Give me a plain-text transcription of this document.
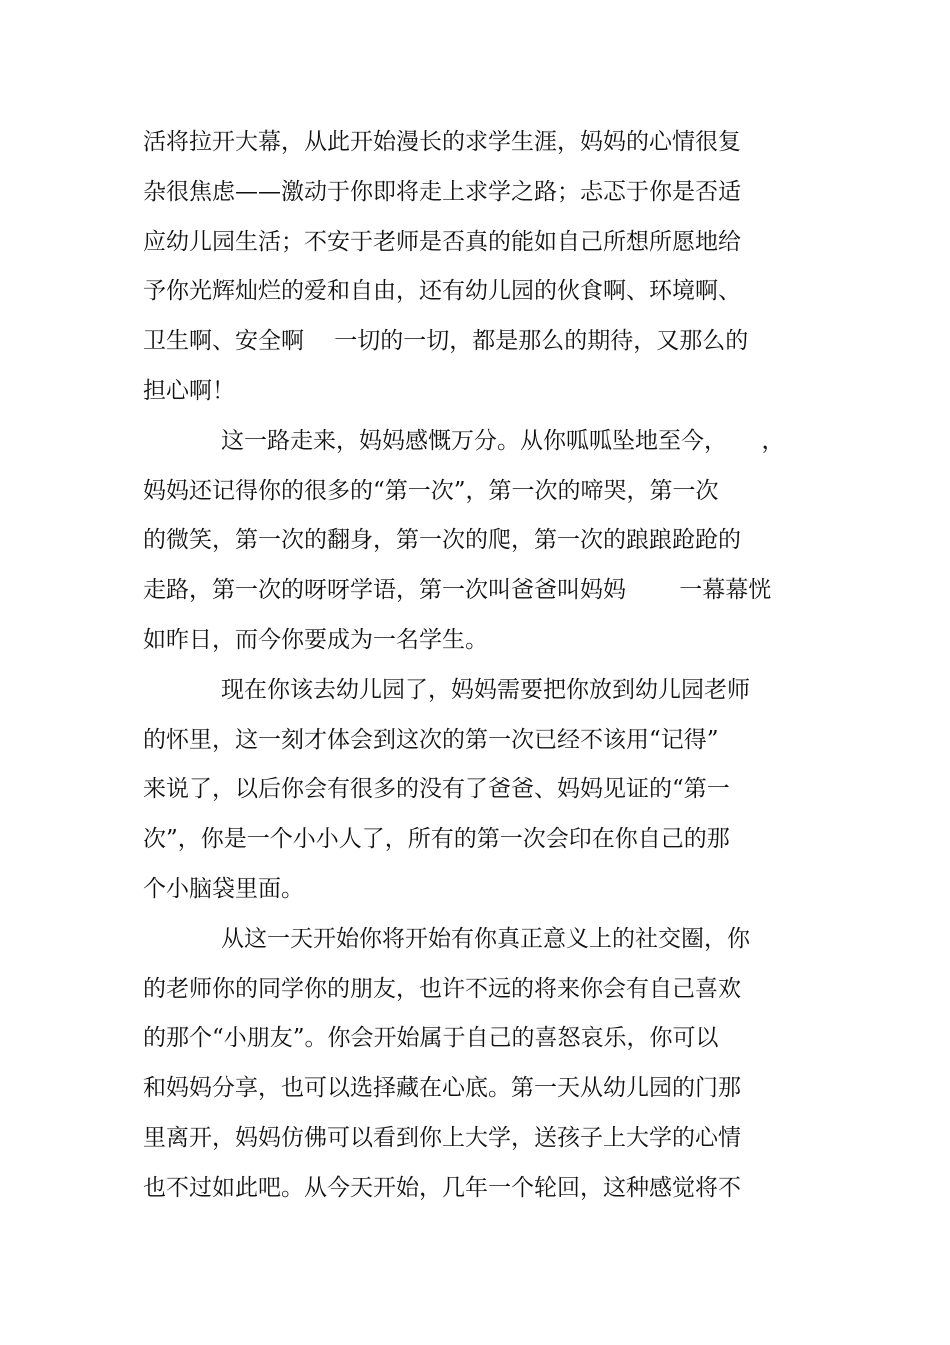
活将拉开大幕，从此开始漫长的求学生涯，妈妈的心情很复
杂很焦虑——激动于你即将走上求学之路；忐忑于你是否适
应幼儿园生活；不安于老师是否真的能如自己所想所愿地给
予你光辉灿烂的爱和自由，还有幼儿园的伙食啊、环境啊、
卫生啊、安全啊　 一切的一切，都是那么的期待，又那么的
担心啊！
这一路走来，妈妈感慨万分。从你呱呱坠地至今，　　，
妈妈还记得你的很多的“第一次”，第一次的啼哭，第一次
的微笑，第一次的翻身，第一次的爬，第一次的踉踉跄跄的
走路，第一次的呀呀学语，第一次叫爸爸叫妈妈　　 一幕幕恍
如昨日，而今你要成为一名学生。
现在你该去幼儿园了，妈妈需要把你放到幼儿园老师
的怀里，这一刻才体会到这次的第一次已经不该用“记得”
来说了，以后你会有很多的没有了爸爸、妈妈见证的“第一
次”，你是一个小小人了，所有的第一次会印在你自己的那
个小脑袋里面。
从这一天开始你将开始有你真正意义上的社交圈，你
的老师你的同学你的朋友，也许不远的将来你会有自己喜欢
的那个“小朋友”。你会开始属于自己的喜怒哀乐，你可以
和妈妈分享，也可以选择藏在心底。第一天从幼儿园的门那
里离开，妈妈仿佛可以看到你上大学，送孩子上大学的心情
也不过如此吧。从今天开始，几年一个轮回，这种感觉将不
